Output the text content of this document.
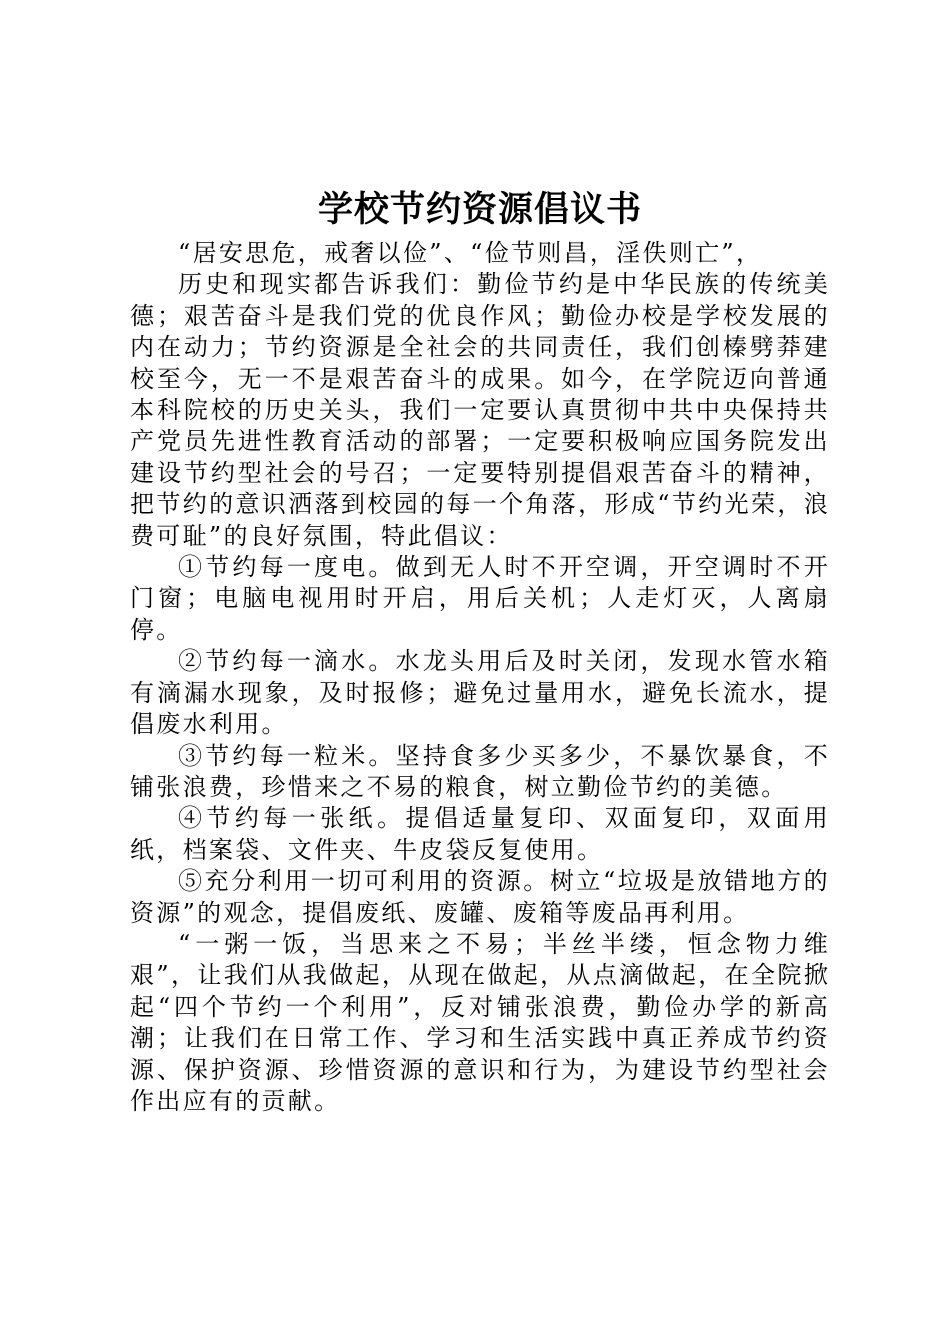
学校节约资源倡议书

“居安思危，戒奢以俭”、“俭节则昌，淫佚则亡”，

历史和现实都告诉我们：勤俭节约是中华民族的传统美德；艰苦奋斗是我们党的优良作风；勤俭办校是学校发展的内在动力；节约资源是全社会的共同责任，我们创榛劈莽建校至今，无一不是艰苦奋斗的成果。如今，在学院迈向普通本科院校的历史关头，我们一定要认真贯彻中共中央保持共产党员先进性教育活动的部署；一定要积极响应国务院发出建设节约型社会的号召；一定要特别提倡艰苦奋斗的精神，把节约的意识洒落到校园的每一个角落，形成“节约光荣，浪费可耻”的良好氛围，特此倡议：

①节约每一度电。做到无人时不开空调，开空调时不开门窗；电脑电视用时开启，用后关机；人走灯灭，人离扇停。

②节约每一滴水。水龙头用后及时关闭，发现水管水箱有滴漏水现象，及时报修；避免过量用水，避免长流水，提倡废水利用。

③节约每一粒米。坚持食多少买多少，不暴饮暴食，不铺张浪费，珍惜来之不易的粮食，树立勤俭节约的美德。

④节约每一张纸。提倡适量复印、双面复印，双面用纸，档案袋、文件夹、牛皮袋反复使用。

⑤充分利用一切可利用的资源。树立“垃圾是放错地方的资源”的观念，提倡废纸、废罐、废箱等废品再利用。

“一粥一饭，当思来之不易；半丝半缕，恒念物力维艰”，让我们从我做起，从现在做起，从点滴做起，在全院掀起“四个节约一个利用”，反对铺张浪费，勤俭办学的新高潮；让我们在日常工作、学习和生活实践中真正养成节约资源、保护资源、珍惜资源的意识和行为，为建设节约型社会作出应有的贡献。
